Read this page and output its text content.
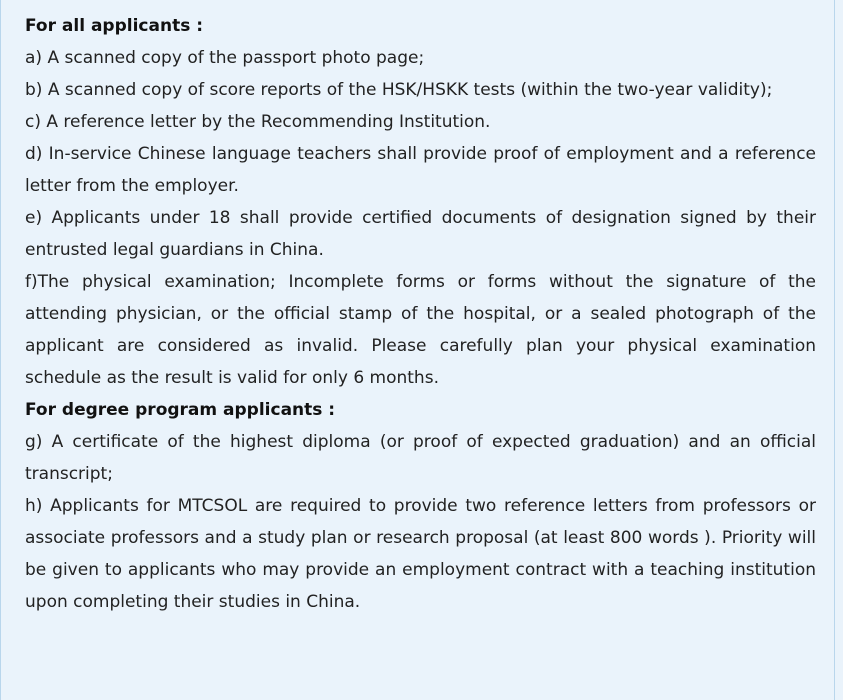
For all applicants :

a) A scanned copy of the passport photo page;

b) A scanned copy of score reports of the HSK/HSKK tests (within the two-year validity);

c) A reference letter by the Recommending Institution.

d) In-service Chinese language teachers shall provide proof of employment and a reference letter from the employer.

e) Applicants under 18 shall provide certified documents of designation signed by their entrusted legal guardians in China.

f)The physical examination; Incomplete forms or forms without the signature of the attending physician, or the official stamp of the hospital, or a sealed photograph of the applicant are considered as invalid. Please carefully plan your physical examination schedule as the result is valid for only 6 months.

For degree program applicants :

g) A certificate of the highest diploma (or proof of expected graduation) and an official transcript;

h) Applicants for MTCSOL are required to provide two reference letters from professors or associate professors and a study plan or research proposal (at least 800 words ). Priority will be given to applicants who may provide an employment contract with a teaching institution upon completing their studies in China.
